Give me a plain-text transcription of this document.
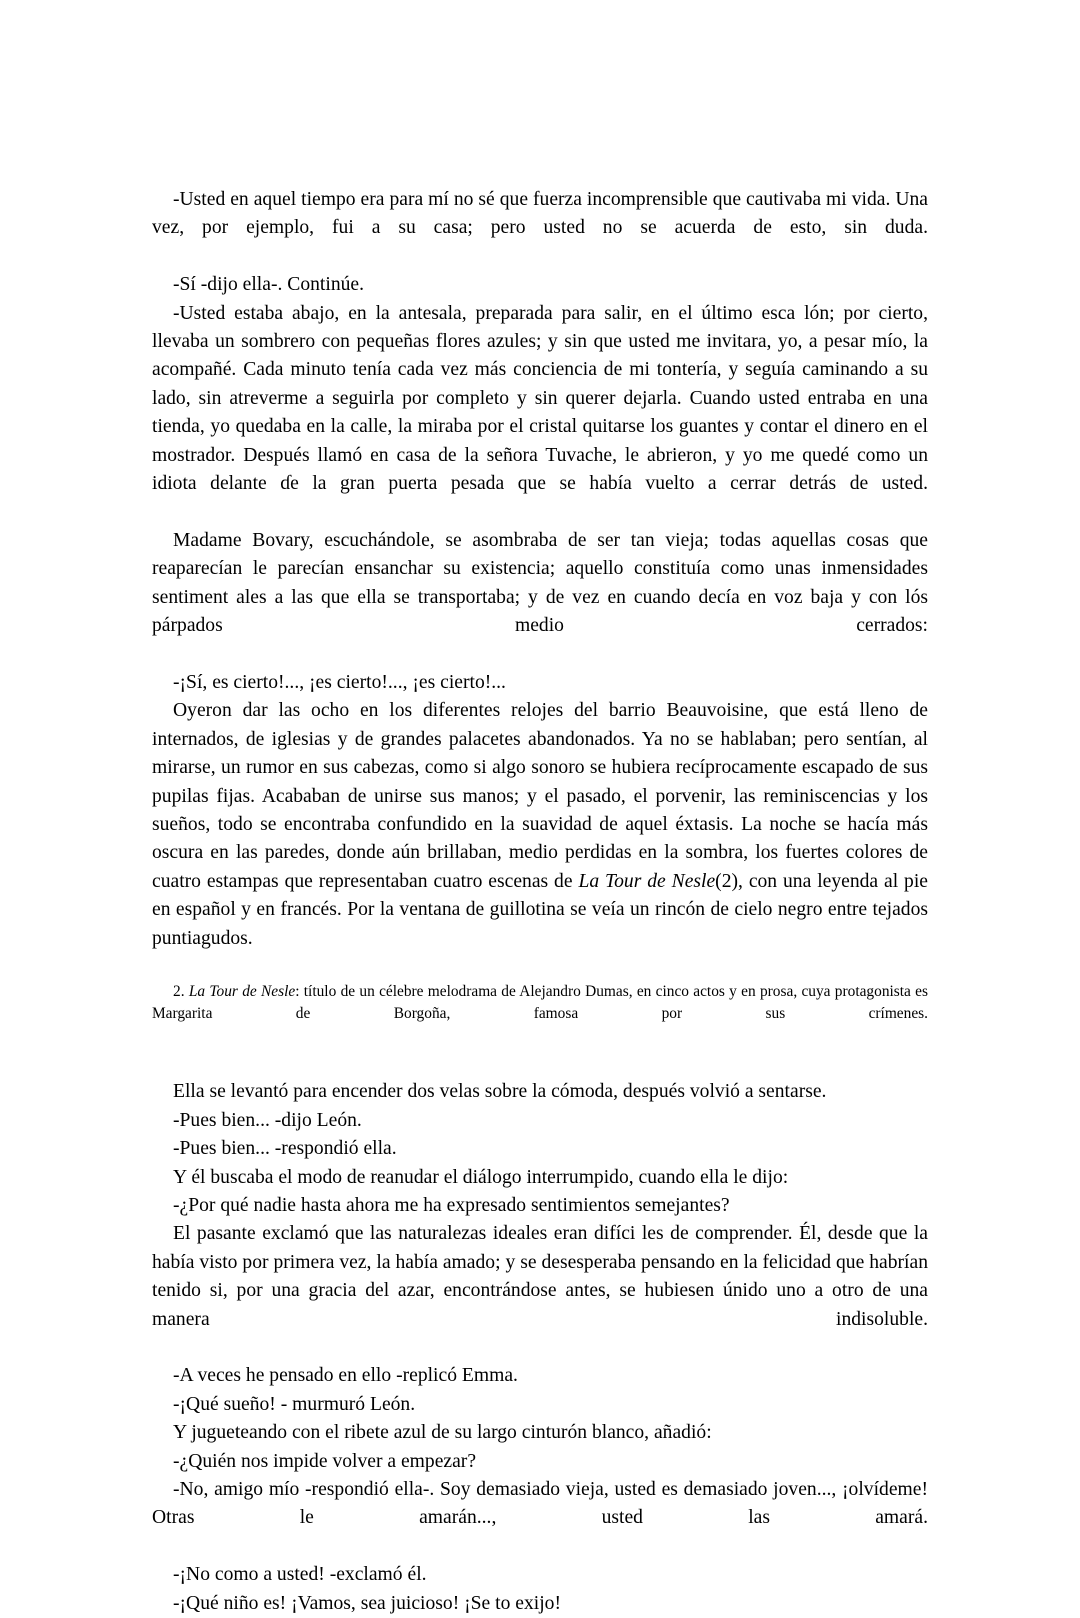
-Usted en aquel tiempo era para mí no sé que fuerza incomprensible que cautivaba mi vida. Una vez, por ejemplo, fui a su casa; pero usted no se acuerda de esto, sin duda.

-Sí -dijo ella-. Continúe.

-Usted estaba abajo, en la antesala, preparada para salir, en el último esca lón; por cierto, llevaba un sombrero con pequeñas flores azules; y sin que usted me invitara, yo, a pesar mío, la acompañé. Cada minuto tenía cada vez más conciencia de mi tontería, y seguía caminando a su lado, sin atreverme a seguirla por completo y sin querer dejarla. Cuando usted entraba en una tienda, yo quedaba en la calle, la miraba por el cristal quitarse los guantes y contar el dinero en el mostrador. Después llamó en casa de la señora Tuvache, le abrieron, y yo me quedé como un idiota delante ɗe la gran puerta pesada que se había vuelto a cerrar detrás de usted.

Madame Bovary, escuchándole, se asombraba de ser tan vieja; todas aquellas cosas que reaparecían le parecían ensanchar su existencia; aquello constituía como unas inmensidades sentiment ales a las que ella se transportaba; y de vez en cuando decía en voz baja y con lós párpados medio cerrados:

-¡Sí, es cierto!..., ¡es cierto!..., ¡es cierto!...

Oyeron dar las ocho en los diferentes relojes del barrio Beauvoisine, que está lleno de internados, de iglesias y de grandes palacetes abandonados. Ya no se hablaban; pero sentían, al mirarse, un rumor en sus cabezas, como si algo sonoro se hubiera recíprocamente escapado de sus pupilas fijas. Acababan de unirse sus manos; y el pasado, el porvenir, las reminiscencias y los sueños, todo se encontraba confundido en la suavidad de aquel éxtasis. La noche se hacía más oscura en las paredes, donde aún brillaban, medio perdidas en la sombra, los fuertes colores de cuatro estampas que representaban cuatro escenas de La Tour de Nesle(2), con una leyenda al pie en español y en francés. Por la ventana de guillotina se veía un rincón de cielo negro entre tejados puntiagudos.

2. La Tour de Nesle: título de un célebre melodrama de Alejandro Dumas, en cinco actos y en prosa, cuya protagonista es Margarita de Borgoña, famosa por sus crímenes.

Ella se levantó para encender dos velas sobre la cómoda, después volvió a sentarse.

-Pues bien... -dijo León.

-Pues bien... -respondió ella.

Y él buscaba el modo de reanudar el diálogo interrumpido, cuando ella le dijo:

-¿Por qué nadie hasta ahora me ha expresado sentimientos semejantes?

El pasante exclamó que las naturalezas ideales eran difíci les de comprender. Él, desde que la había visto por primera vez, la había amado; y se desesperaba pensando en la felicidad que habrían tenido si, por una gracia del azar, encontrándose antes, se hubiesen únido uno a otro de una manera indisoluble.

-A veces he pensado en ello -replicó Emma.

-¡Qué sueño! - murmuró León.

Y jugueteando con el ribete azul de su largo cinturón blanco, añadió:

-¿Quién nos impide volver a empezar?

-No, amigo mío -respondió ella-. Soy demasiado vieja, usted es demasiado joven..., ¡olvídeme! Otras le amarán..., usted las amará.

-¡No como a usted! -exclamó él.

-¡Qué niño es! ¡Vamos, sea juicioso! ¡Se to exijo!
